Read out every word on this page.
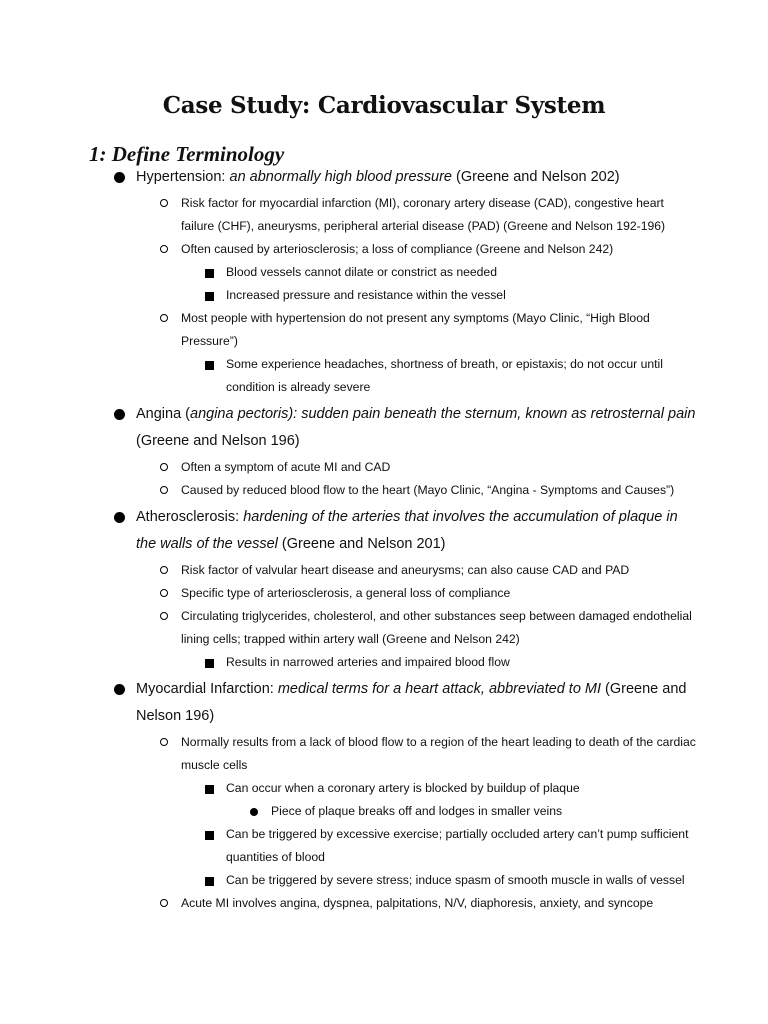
Case Study: Cardiovascular System
1: Define Terminology
Hypertension: an abnormally high blood pressure (Greene and Nelson 202)
Risk factor for myocardial infarction (MI), coronary artery disease (CAD), congestive heart failure (CHF), aneurysms, peripheral arterial disease (PAD) (Greene and Nelson 192-196)
Often caused by arteriosclerosis; a loss of compliance (Greene and Nelson 242)
Blood vessels cannot dilate or constrict as needed
Increased pressure and resistance within the vessel
Most people with hypertension do not present any symptoms (Mayo Clinic, “High Blood Pressure”)
Some experience headaches, shortness of breath, or epistaxis; do not occur until condition is already severe
Angina (angina pectoris): sudden pain beneath the sternum, known as retrosternal pain (Greene and Nelson 196)
Often a symptom of acute MI and CAD
Caused by reduced blood flow to the heart (Mayo Clinic, “Angina - Symptoms and Causes”)
Atherosclerosis: hardening of the arteries that involves the accumulation of plaque in the walls of the vessel (Greene and Nelson 201)
Risk factor of valvular heart disease and aneurysms; can also cause CAD and PAD
Specific type of arteriosclerosis, a general loss of compliance
Circulating triglycerides, cholesterol, and other substances seep between damaged endothelial lining cells; trapped within artery wall (Greene and Nelson 242)
Results in narrowed arteries and impaired blood flow
Myocardial Infarction: medical terms for a heart attack, abbreviated to MI (Greene and Nelson 196)
Normally results from a lack of blood flow to a region of the heart leading to death of the cardiac muscle cells
Can occur when a coronary artery is blocked by buildup of plaque
Piece of plaque breaks off and lodges in smaller veins
Can be triggered by excessive exercise; partially occluded artery can’t pump sufficient quantities of blood
Can be triggered by severe stress; induce spasm of smooth muscle in walls of vessel
Acute MI involves angina, dyspnea, palpitations, N/V, diaphoresis, anxiety, and syncope
